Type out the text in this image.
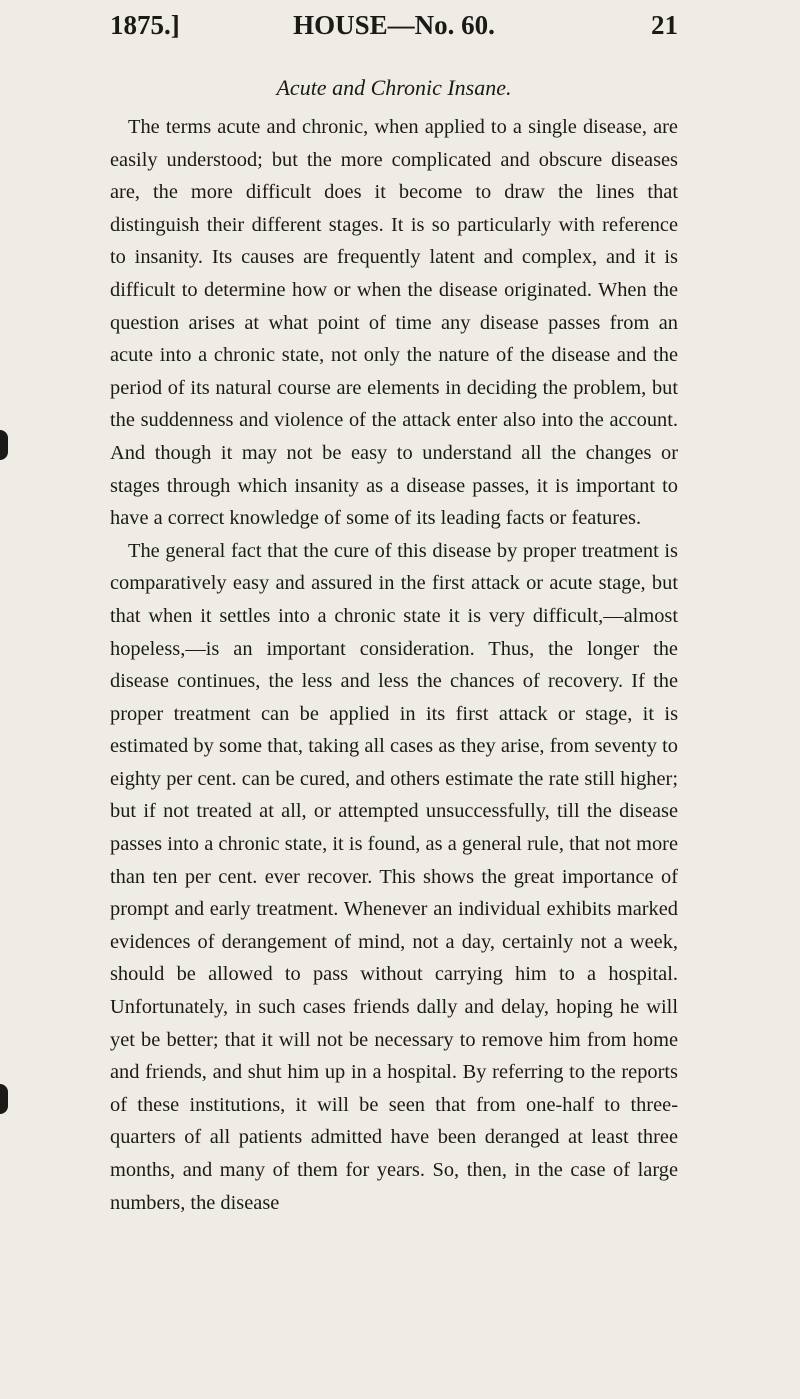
1875.]	HOUSE—No. 60.	21
Acute and Chronic Insane.

The terms acute and chronic, when applied to a single disease, are easily understood; but the more complicated and obscure diseases are, the more difficult does it become to draw the lines that distinguish their different stages. It is so particularly with reference to insanity. Its causes are frequently latent and complex, and it is difficult to determine how or when the disease originated. When the question arises at what point of time any disease passes from an acute into a chronic state, not only the nature of the disease and the period of its natural course are elements in deciding the problem, but the suddenness and violence of the attack enter also into the account. And though it may not be easy to understand all the changes or stages through which insanity as a disease passes, it is important to have a correct knowledge of some of its leading facts or features.

The general fact that the cure of this disease by proper treatment is comparatively easy and assured in the first attack or acute stage, but that when it settles into a chronic state it is very difficult,—almost hopeless,—is an important consideration. Thus, the longer the disease continues, the less and less the chances of recovery. If the proper treatment can be applied in its first attack or stage, it is estimated by some that, taking all cases as they arise, from seventy to eighty per cent. can be cured, and others estimate the rate still higher; but if not treated at all, or attempted unsuccessfully, till the disease passes into a chronic state, it is found, as a general rule, that not more than ten per cent. ever recover. This shows the great importance of prompt and early treatment. Whenever an individual exhibits marked evidences of derangement of mind, not a day, certainly not a week, should be allowed to pass without carrying him to a hospital. Unfortunately, in such cases friends dally and delay, hoping he will yet be better; that it will not be necessary to remove him from home and friends, and shut him up in a hospital. By referring to the reports of these institutions, it will be seen that from one-half to three-quarters of all patients admitted have been deranged at least three months, and many of them for years. So, then, in the case of large numbers, the disease
